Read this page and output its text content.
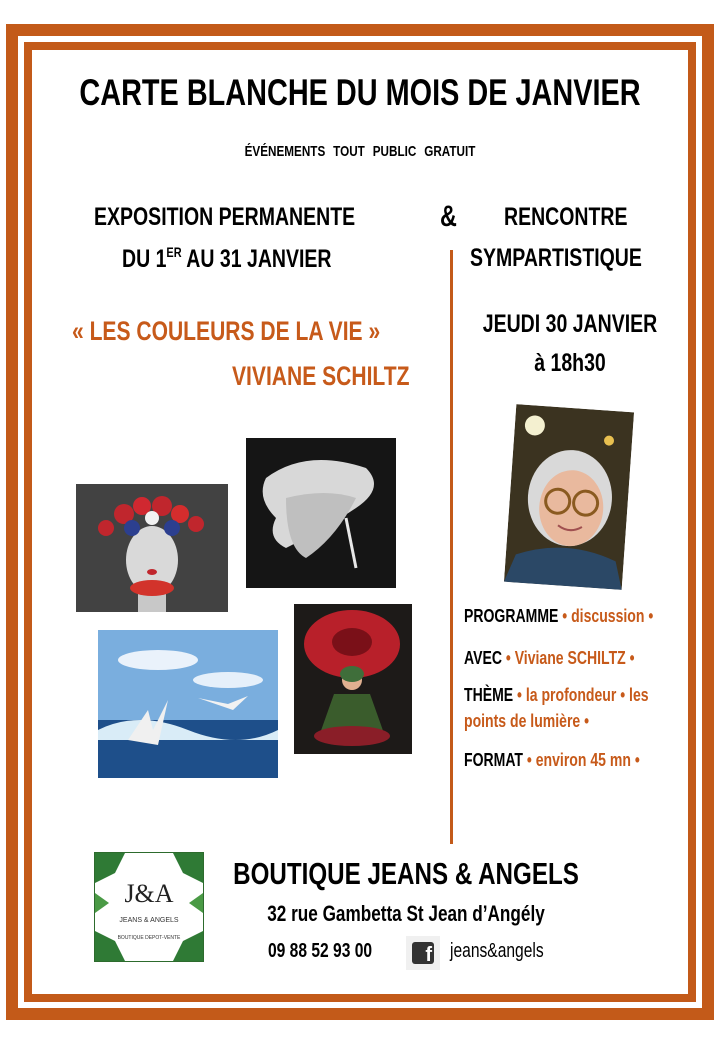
CARTE BLANCHE DU MOIS DE JANVIER
ÉVÉNEMENTS TOUT PUBLIC GRATUIT
EXPOSITION PERMANENTE	& RENCONTRE
DU 1ER AU 31 JANVIER	SYMPARTISTIQUE
« LES COULEURS DE LA VIE »
VIVIANE SCHILTZ
JEUDI 30 JANVIER
à 18h30
PROGRAMME • discussion •
AVEC • Viviane SCHILTZ •
THÈME • la profondeur • les
points de lumière •
FORMAT • environ 45 mn •
J&A
JEANS & ANGELS
BOUTIQUE DEPOT-VENTE
BOUTIQUE JEANS & ANGELS
32 rue Gambetta St Jean d’Angély
09 88 52 93 00	f jeans&angels
